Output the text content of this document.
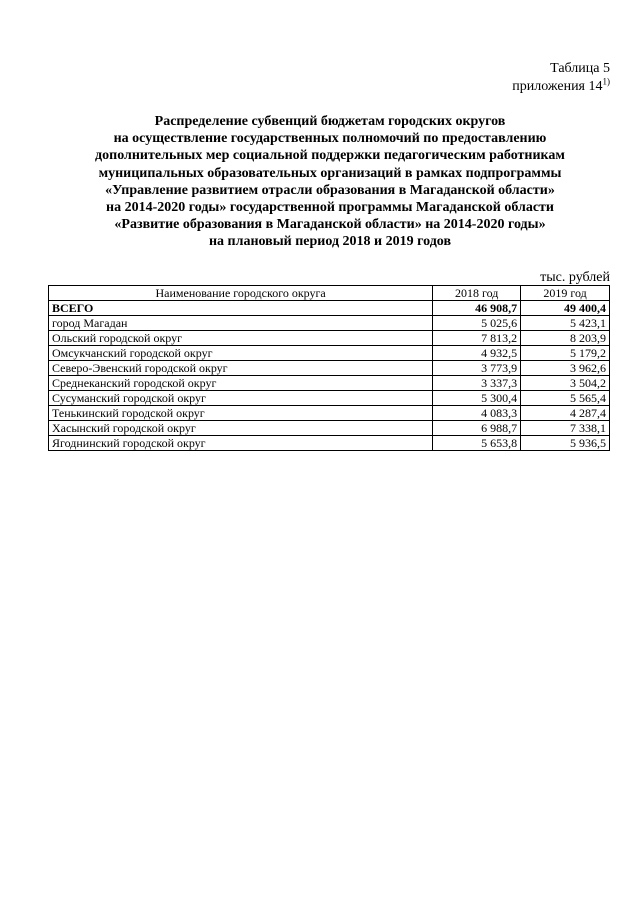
Таблица 5
приложения 14$^{1)}$
Распределение субвенций бюджетам городских округов
на осуществление государственных полномочий по предоставлению
дополнительных мер социальной поддержки педагогическим работникам
муниципальных образовательных организаций в рамках подпрограммы
«Управление развитием отрасли образования в Магаданской области»
на 2014-2020 годы» государственной программы Магаданской области
«Развитие образования в Магаданской области» на 2014-2020 годы»
на плановый период 2018 и 2019 годов
тыс. рублей
Наименование городского округа	2018 год	2019 год
ВСЕГО	46 908,7	49 400,4
город Магадан	5 025,6	5 423,1
Ольский городской округ	7 813,2	8 203,9
Омсукчанский городской округ	4 932,5	5 179,2
Северо-Эвенский городской округ	3 773,9	3 962,6
Среднеканский городской округ	3 337,3	3 504,2
Сусуманский городской округ	5 300,4	5 565,4
Тенькинский городской округ	4 083,3	4 287,4
Хасынский городской округ	6 988,7	7 338,1
Ягоднинский городской округ	5 653,8	5 936,5
